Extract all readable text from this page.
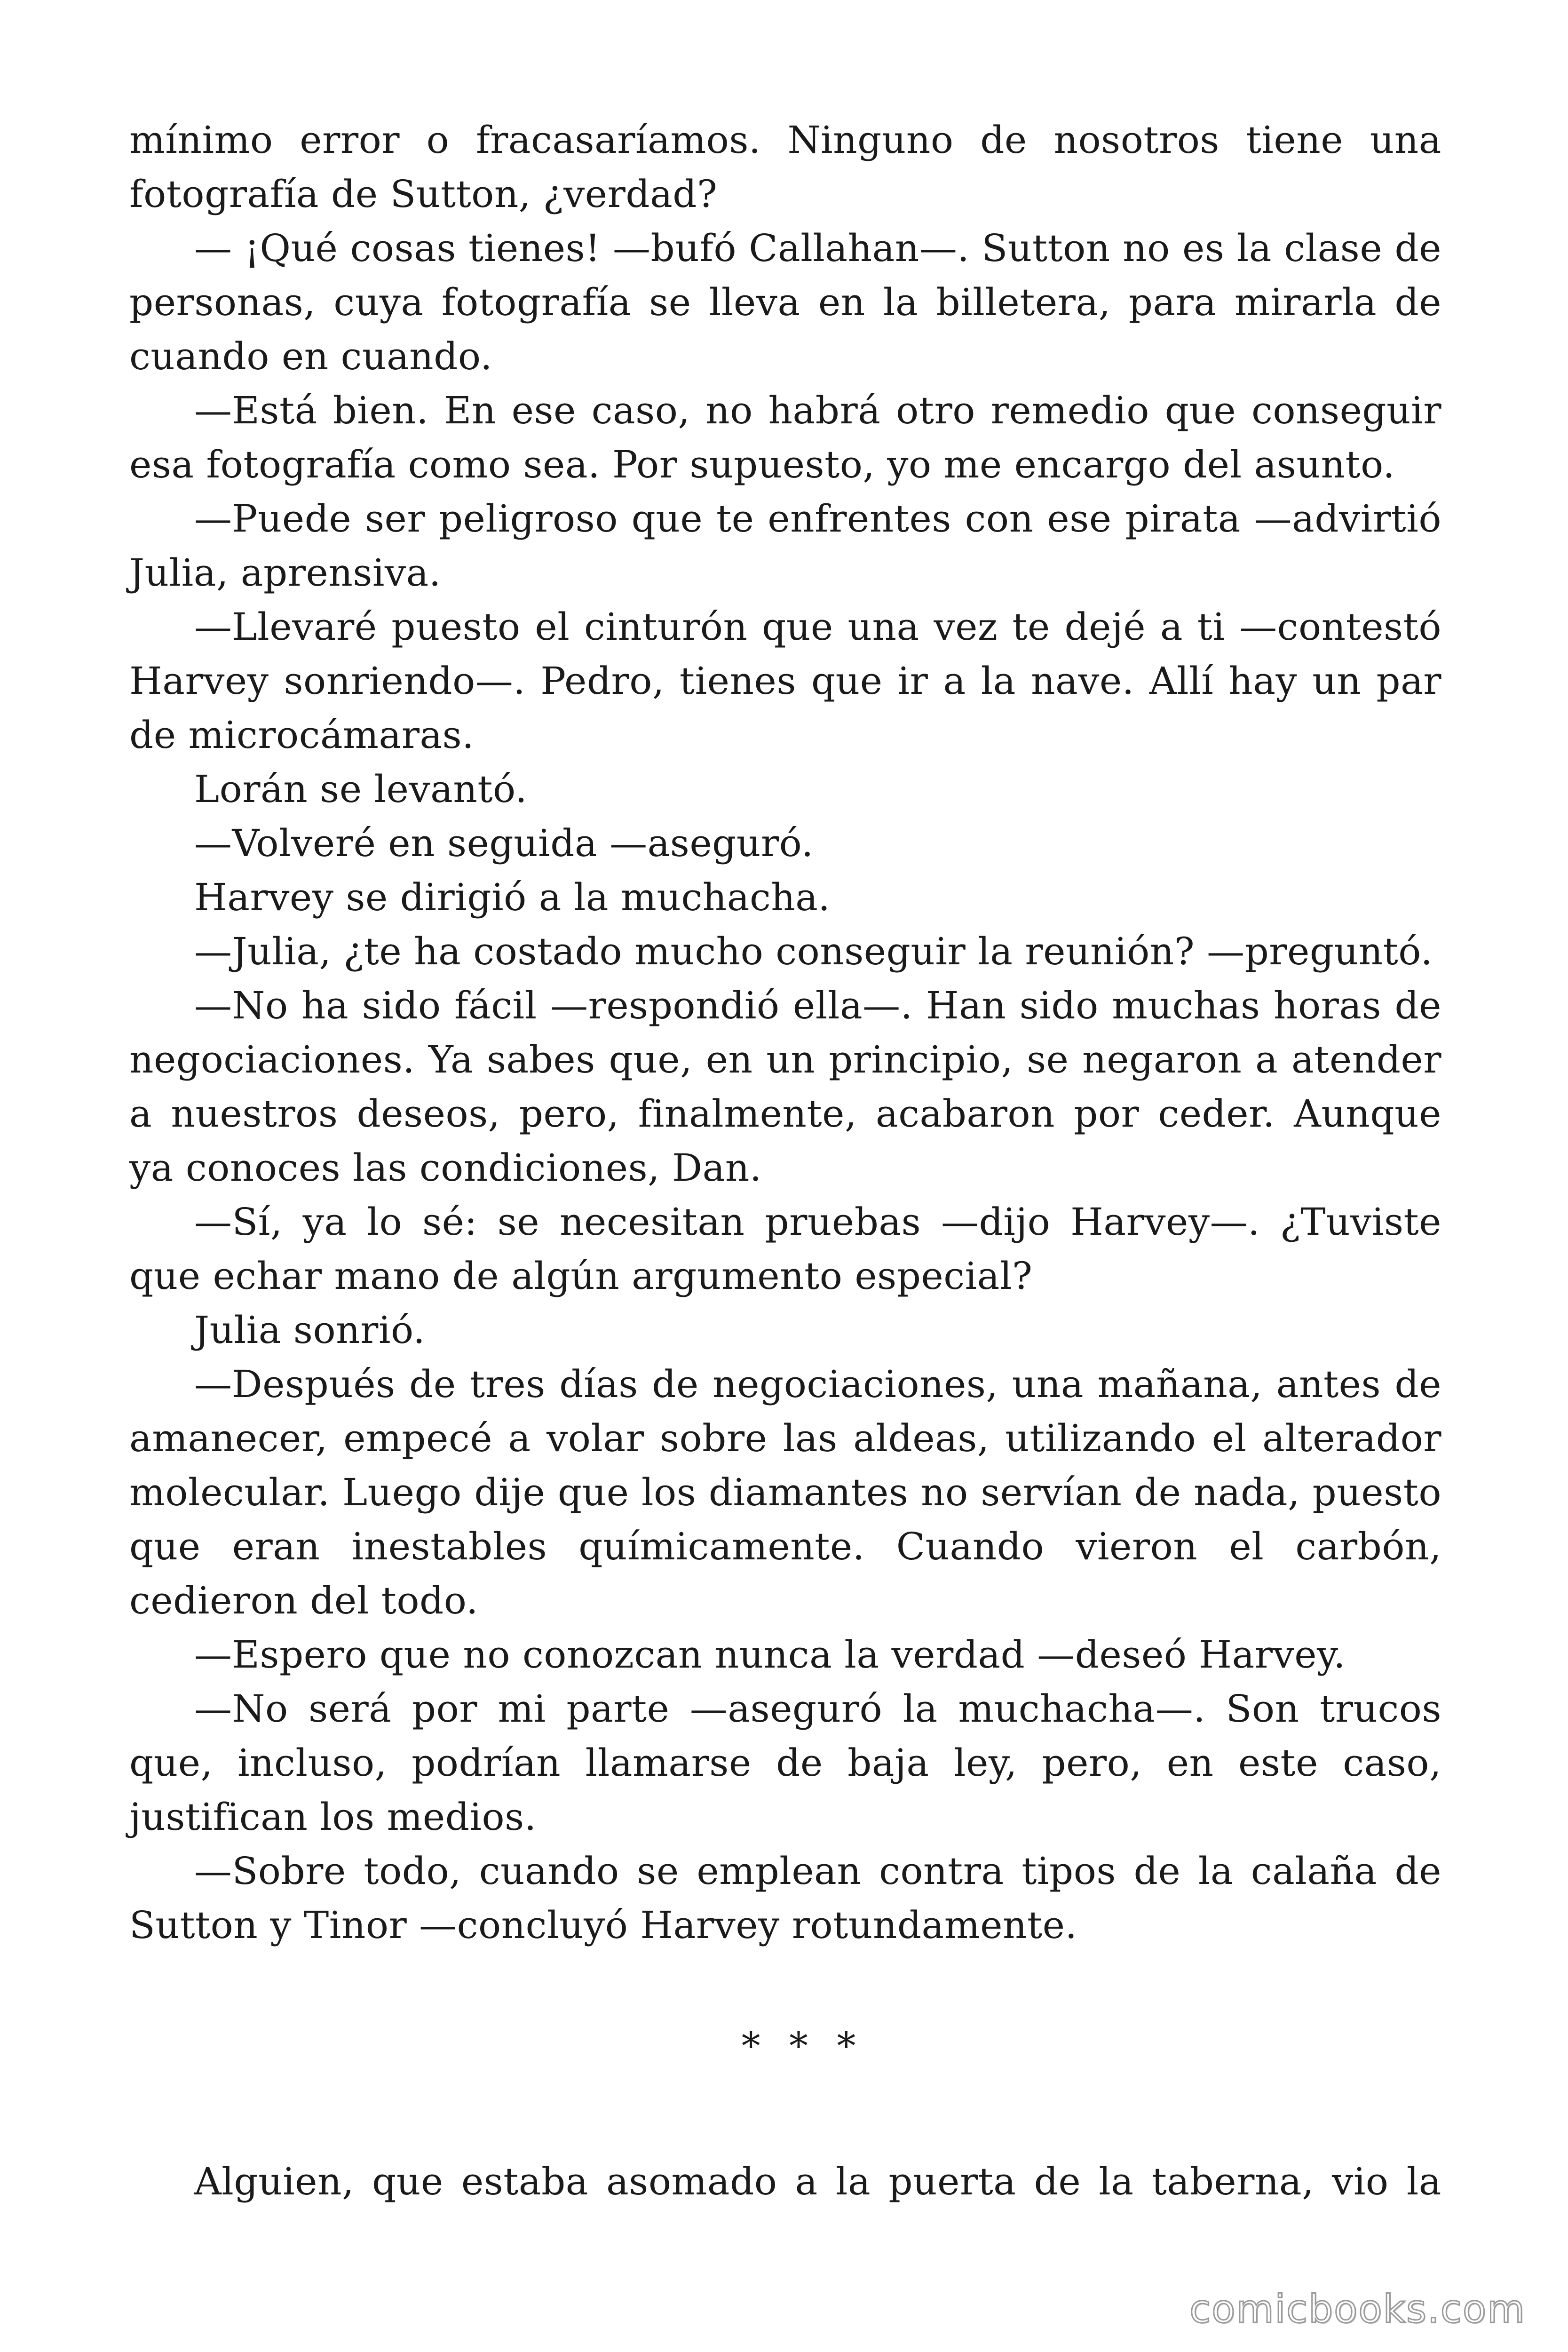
mínimo error o fracasaríamos. Ninguno de nosotros tiene una fotografía de Sutton, ¿verdad?

— ¡Qué cosas tienes! —bufó Callahan—. Sutton no es la clase de personas, cuya fotografía se lleva en la billetera, para mirarla de cuando en cuando.

—Está bien. En ese caso, no habrá otro remedio que conseguir esa fotografía como sea. Por supuesto, yo me encargo del asunto.

—Puede ser peligroso que te enfrentes con ese pirata —advirtió Julia, aprensiva.

—Llevaré puesto el cinturón que una vez te dejé a ti —contestó Harvey sonriendo—. Pedro, tienes que ir a la nave. Allí hay un par de microcámaras.

Lorán se levantó.

—Volveré en seguida —aseguró.

Harvey se dirigió a la muchacha.

—Julia, ¿te ha costado mucho conseguir la reunión? —preguntó.

—No ha sido fácil —respondió ella—. Han sido muchas horas de negociaciones. Ya sabes que, en un principio, se negaron a atender a nuestros deseos, pero, finalmente, acabaron por ceder. Aunque ya conoces las condiciones, Dan.

—Sí, ya lo sé: se necesitan pruebas —dijo Harvey—. ¿Tuviste que echar mano de algún argumento especial?

Julia sonrió.

—Después de tres días de negociaciones, una mañana, antes de amanecer, empecé a volar sobre las aldeas, utilizando el alterador molecular. Luego dije que los diamantes no servían de nada, puesto que eran inestables químicamente. Cuando vieron el carbón, cedieron del todo.

—Espero que no conozcan nunca la verdad —deseó Harvey.

—No será por mi parte —aseguró la muchacha—. Son trucos que, incluso, podrían llamarse de baja ley, pero, en este caso, justifican los medios.

—Sobre todo, cuando se emplean contra tipos de la calaña de Sutton y Tinor —concluyó Harvey rotundamente.

* * *

Alguien, que estaba asomado a la puerta de la taberna, vio la

comicbooks.com
